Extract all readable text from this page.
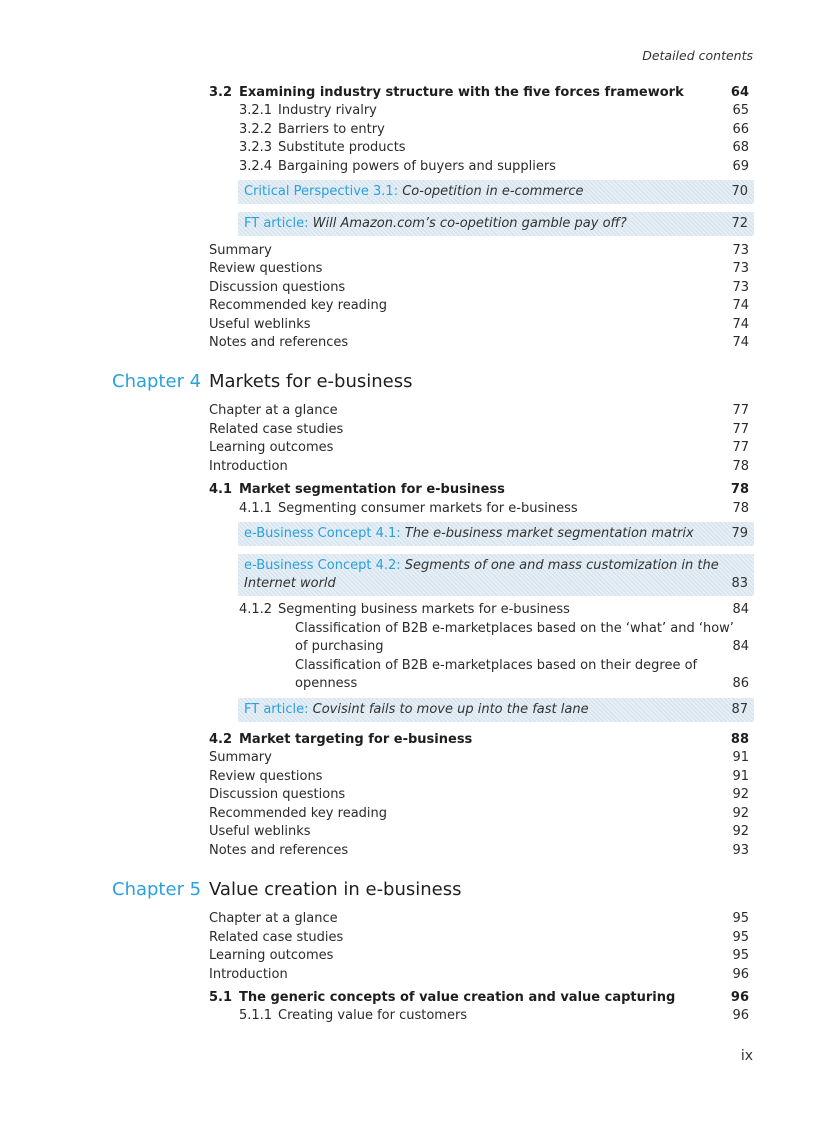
Detailed contents
3.2 Examining industry structure with the five forces framework	64
3.2.1 Industry rivalry	65
3.2.2 Barriers to entry	66
3.2.3 Substitute products	68
3.2.4 Bargaining powers of buyers and suppliers	69
Critical Perspective 3.1: Co-opetition in e-commerce	70
FT article: Will Amazon.com’s co-opetition gamble pay off?	72
Summary	73
Review questions	73
Discussion questions	73
Recommended key reading	74
Useful weblinks	74
Notes and references	74
Chapter 4 Markets for e-business
Chapter at a glance	77
Related case studies	77
Learning outcomes	77
Introduction	78
4.1 Market segmentation for e-business	78
4.1.1 Segmenting consumer markets for e-business	78
e-Business Concept 4.1: The e-business market segmentation matrix	79
e-Business Concept 4.2: Segments of one and mass customization in the
Internet world	83
4.1.2 Segmenting business markets for e-business	84
Classification of B2B e-marketplaces based on the ‘what’ and ‘how’
of purchasing	84
Classification of B2B e-marketplaces based on their degree of
openness	86
FT article: Covisint fails to move up into the fast lane	87
4.2 Market targeting for e-business	88
Summary	91
Review questions	91
Discussion questions	92
Recommended key reading	92
Useful weblinks	92
Notes and references	93
Chapter 5 Value creation in e-business
Chapter at a glance	95
Related case studies	95
Learning outcomes	95
Introduction	96
5.1 The generic concepts of value creation and value capturing	96
5.1.1 Creating value for customers	96
ix
